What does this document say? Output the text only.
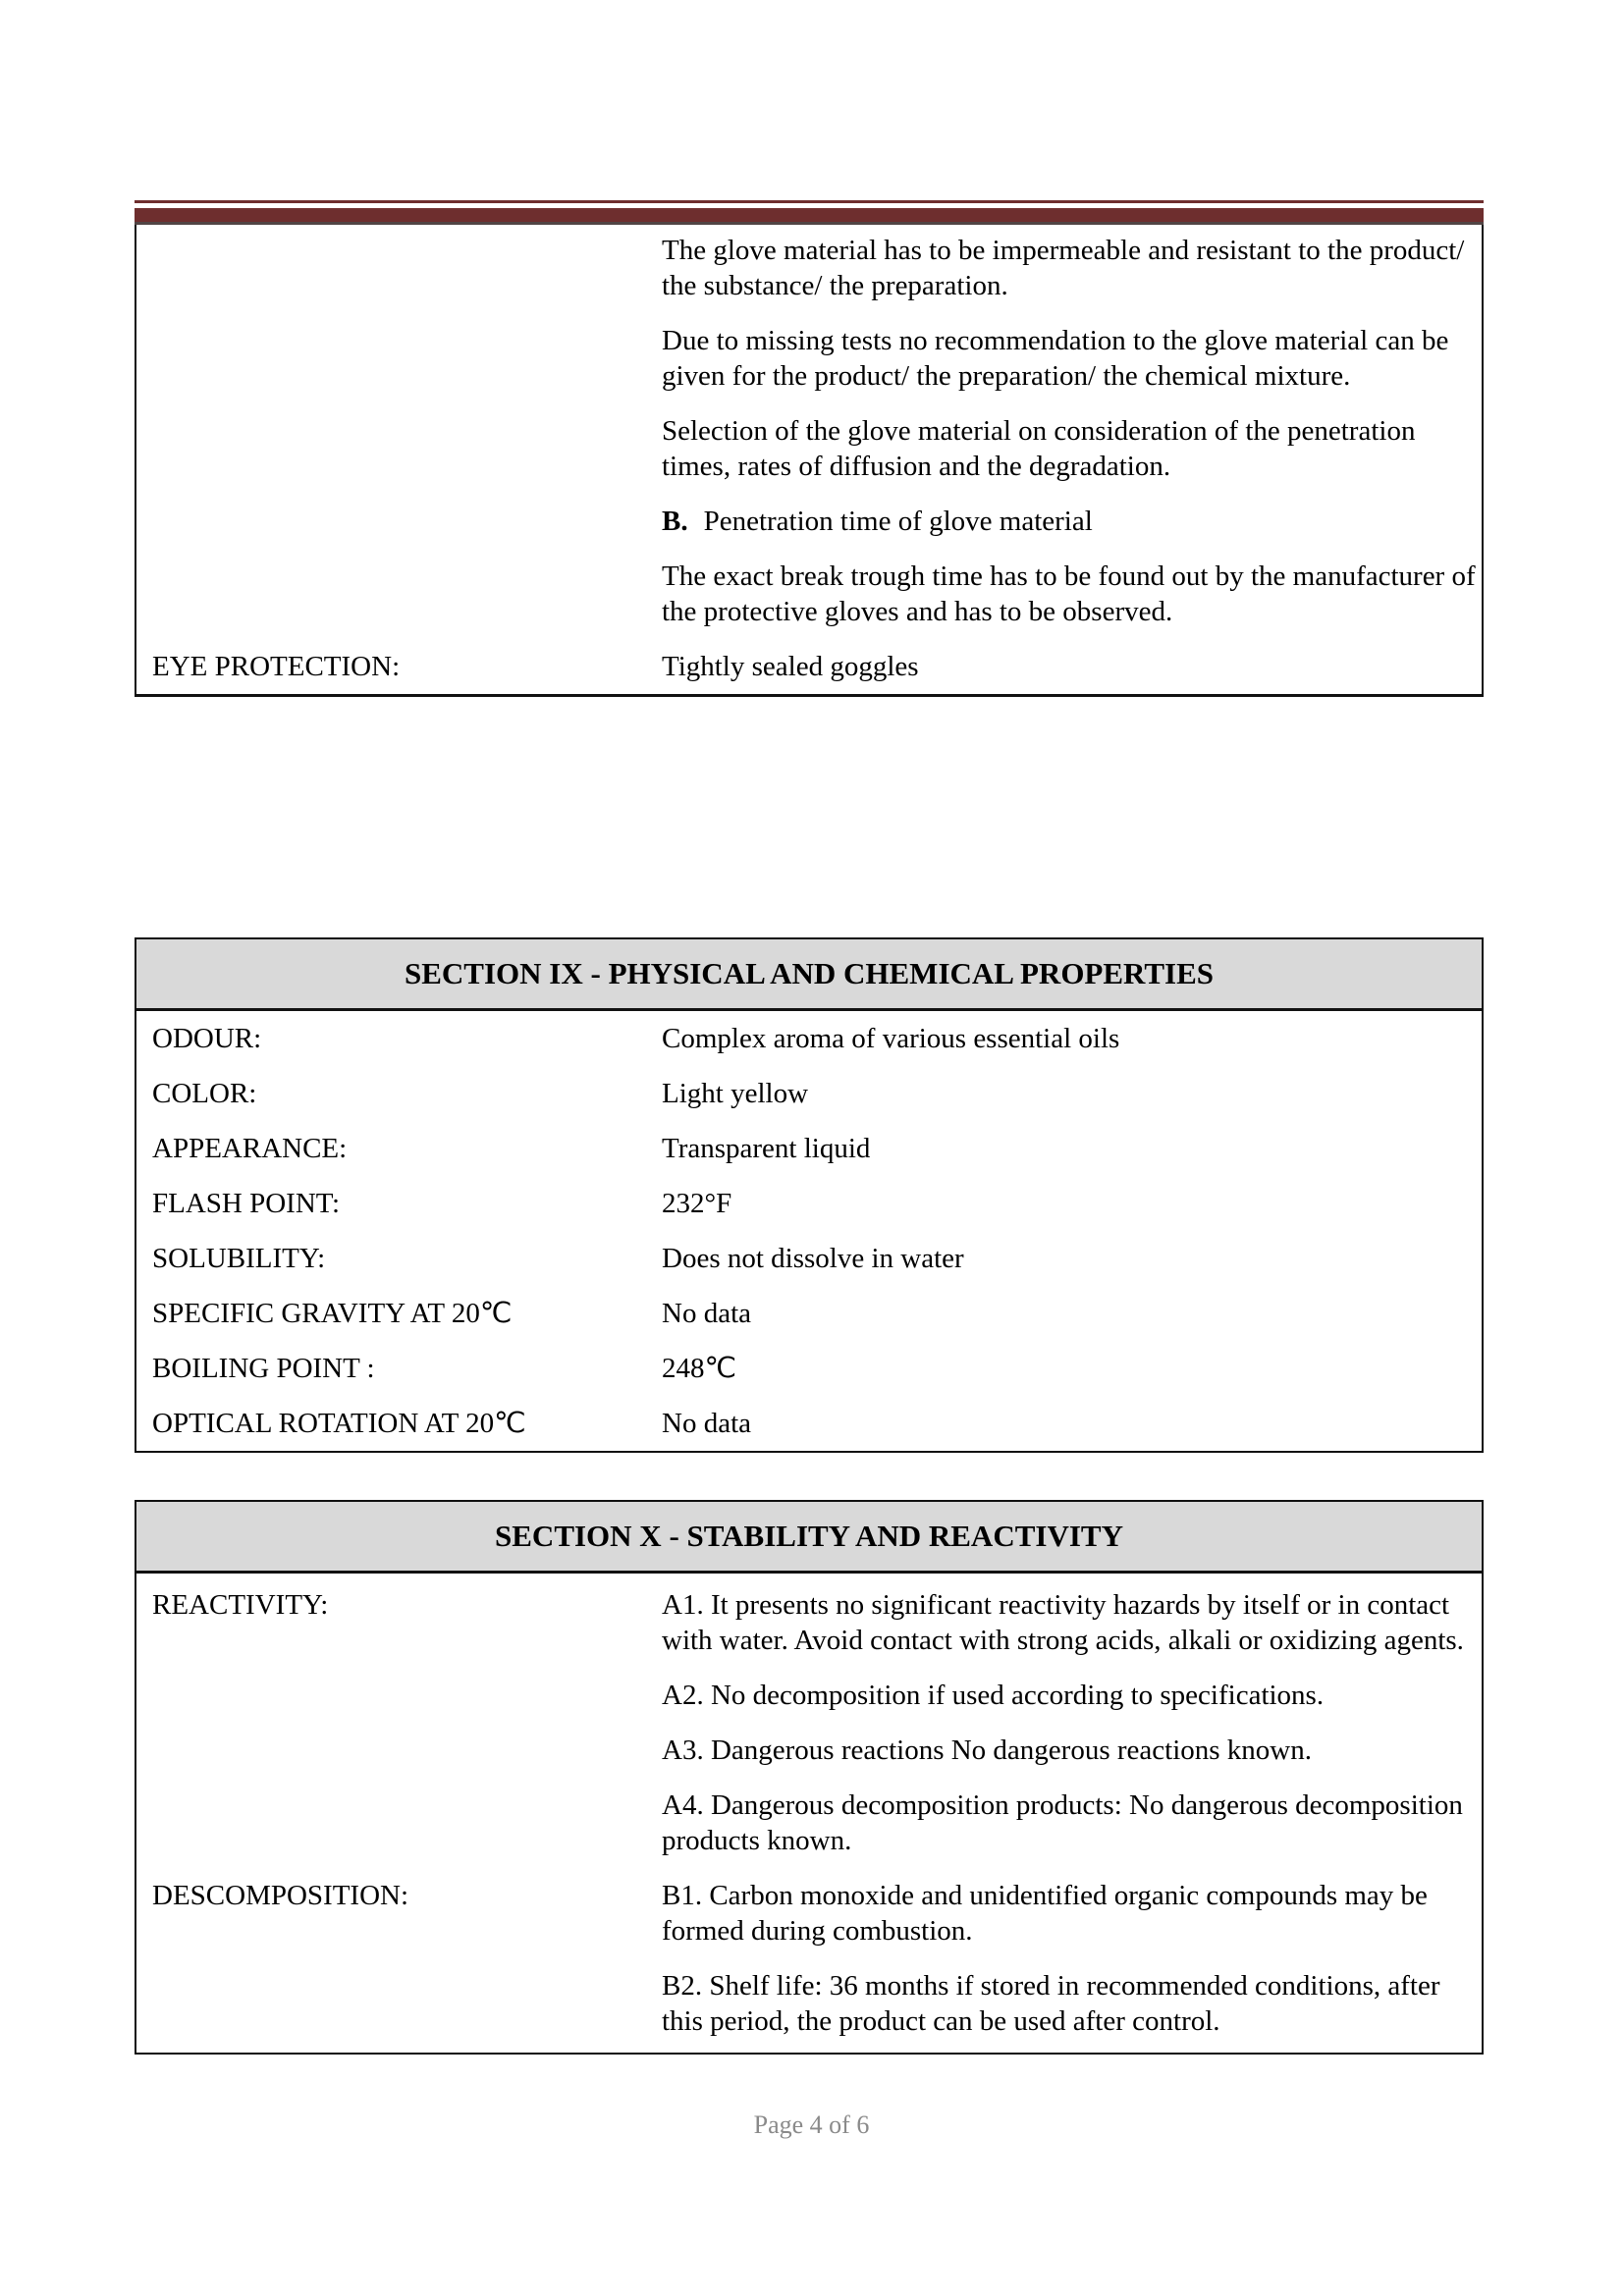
The glove material has to be impermeable and resistant to the product/ the substance/ the preparation.

Due to missing tests no recommendation to the glove material can be given for the product/ the preparation/ the chemical mixture.

Selection of the glove material on consideration of the penetration times, rates of diffusion and the degradation.

B. Penetration time of glove material

The exact break trough time has to be found out by the manufacturer of the protective gloves and has to be observed.

EYE PROTECTION:	Tightly sealed goggles
SECTION IX - PHYSICAL AND CHEMICAL PROPERTIES
ODOUR:	Complex aroma of various essential oils
COLOR:	Light yellow
APPEARANCE:	Transparent liquid
FLASH POINT:	232°F
SOLUBILITY:	Does not dissolve in water
SPECIFIC GRAVITY AT 20℃	No data
BOILING POINT :	248℃
OPTICAL ROTATION AT 20℃	No data
SECTION X - STABILITY AND REACTIVITY
REACTIVITY:	A1. It presents no significant reactivity hazards by itself or in contact with water. Avoid contact with strong acids, alkali or oxidizing agents.

A2. No decomposition if used according to specifications.

A3. Dangerous reactions No dangerous reactions known.

A4. Dangerous decomposition products: No dangerous decomposition products known.

DESCOMPOSITION:	B1. Carbon monoxide and unidentified organic compounds may be formed during combustion.

B2. Shelf life: 36 months if stored in recommended conditions, after this period, the product can be used after control.

Page 4 of 6
